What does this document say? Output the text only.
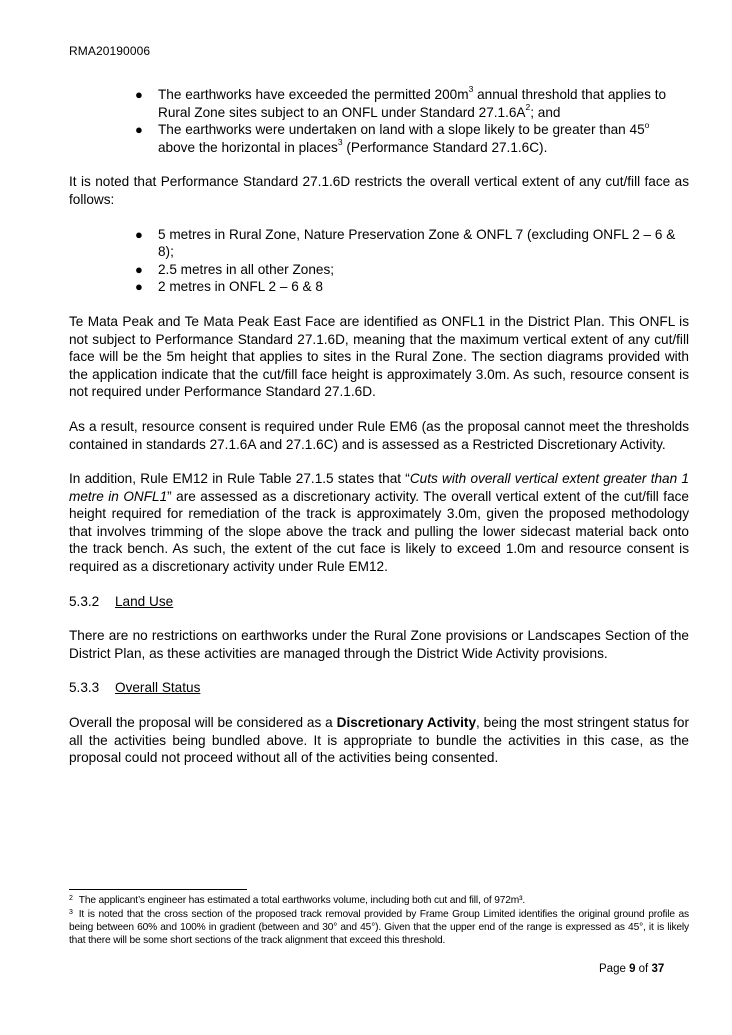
RMA20190006
● The earthworks have exceeded the permitted $200m^3$ annual threshold that applies to Rural Zone sites subject to an ONFL under Standard $27.1.6A^2$; and
● The earthworks were undertaken on land with a slope likely to be greater than 45$^o$ above the horizontal in places$^3$ (Performance Standard 27.1.6C).

It is noted that Performance Standard 27.1.6D restricts the overall vertical extent of any cut/fill face as follows:

● 5 metres in Rural Zone, Nature Preservation Zone & ONFL 7 (excluding ONFL 2 – 6 & 8);
● 2.5 metres in all other Zones;
● 2 metres in ONFL 2 – 6 & 8

Te Mata Peak and Te Mata Peak East Face are identified as ONFL1 in the District Plan. This ONFL is not subject to Performance Standard 27.1.6D, meaning that the maximum vertical extent of any cut/fill face will be the 5m height that applies to sites in the Rural Zone. The section diagrams provided with the application indicate that the cut/fill face height is approximately 3.0m. As such, resource consent is not required under Performance Standard 27.1.6D.

As a result, resource consent is required under Rule EM6 (as the proposal cannot meet the thresholds contained in standards 27.1.6A and 27.1.6C) and is assessed as a Restricted Discretionary Activity.

In addition, Rule EM12 in Rule Table 27.1.5 states that “Cuts with overall vertical extent greater than 1 metre in ONFL1” are assessed as a discretionary activity. The overall vertical extent of the cut/fill face height required for remediation of the track is approximately 3.0m, given the proposed methodology that involves trimming of the slope above the track and pulling the lower sidecast material back onto the track bench. As such, the extent of the cut face is likely to exceed 1.0m and resource consent is required as a discretionary activity under Rule EM12.

5.3.2 Land Use

There are no restrictions on earthworks under the Rural Zone provisions or Landscapes Section of the District Plan, as these activities are managed through the District Wide Activity provisions.

5.3.3 Overall Status

Overall the proposal will be considered as a Discretionary Activity, being the most stringent status for all the activities being bundled above. It is appropriate to bundle the activities in this case, as the proposal could not proceed without all of the activities being consented.

$^2$ The applicant’s engineer has estimated a total earthworks volume, including both cut and fill, of 972m³.

$^3$ It is noted that the cross section of the proposed track removal provided by Frame Group Limited identifies the original ground profile as being between 60% and 100% in gradient (between and 30° and 45°). Given that the upper end of the range is expressed as 45°, it is likely that there will be some short sections of the track alignment that exceed this threshold.

Page 9 of 37
